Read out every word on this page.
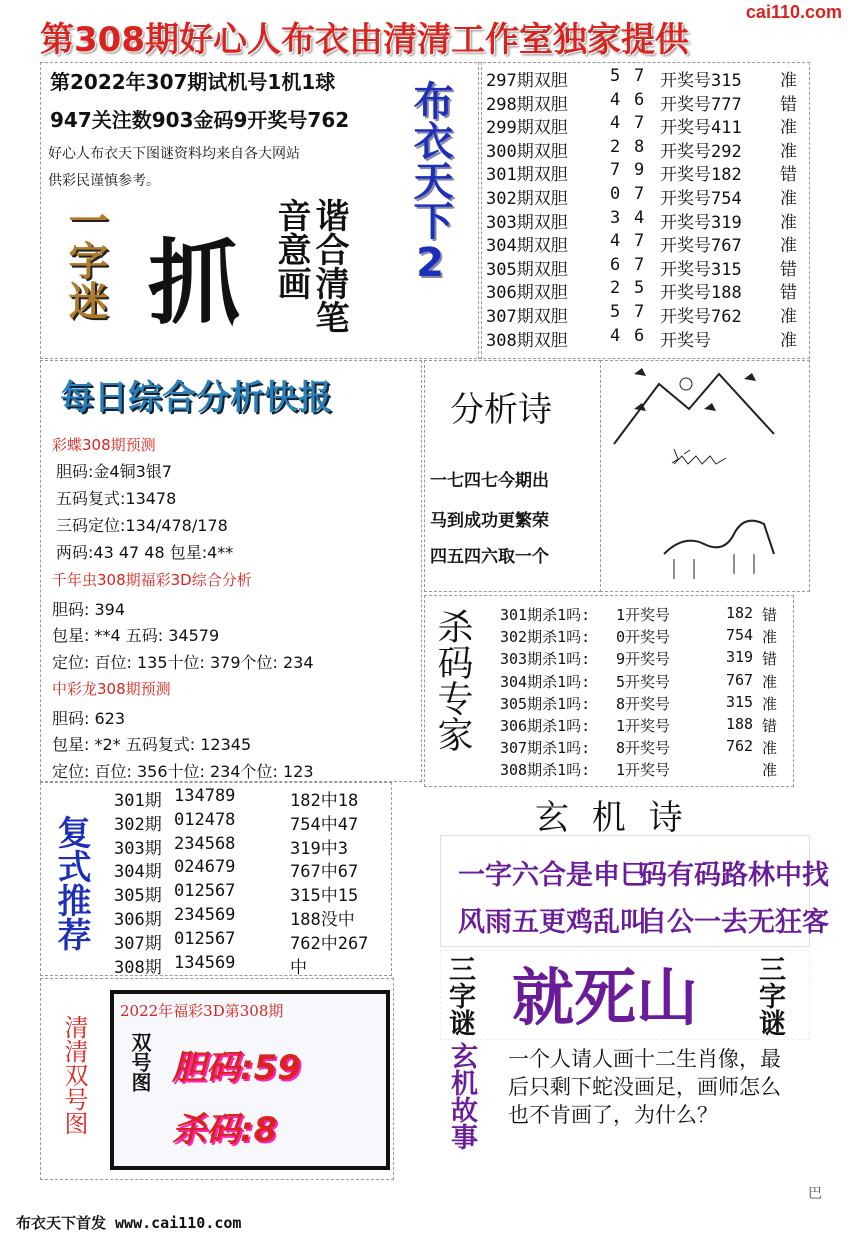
第308期好心人布衣由清清工作室独家提供
cai110.com
第2022年307期试机号1机1球
947关注数903金码9开奖号762
好心人布衣天下图谜资料均来自各大网站
供彩民谨慎参考。
一字迷 抓	谐合清笔音意画	布衣天下2 297期双胆 5 7 开奖号315 准
298期双胆 4 6 开奖号777 错
299期双胆 4 7 开奖号411 准
300期双胆 2 8 开奖号292 准
301期双胆 7 9 开奖号182 错
302期双胆 0 7 开奖号754 准
303期双胆 3 4 开奖号319 准
304期双胆 4 7 开奖号767 准
305期双胆 6 7 开奖号315 错
306期双胆 2 5 开奖号188 错
307期双胆 5 7 开奖号762 准
308期双胆 4 6 开奖号	准
每日综合分析快报
彩蝶308期预测
胆码:金4铜3银7
五码复式:13478
三码定位:134/478/178
两码:43 47 48 包星:4**
千年虫308期福彩3D综合分析
胆码: 394
包星: **4 五码: 34579
定位: 百位: 135十位: 379个位: 234
中彩龙308期预测
胆码: 623
包星: *2* 五码复式: 12345
定位: 百位: 356十位: 234个位: 123
分析诗
一七四七今期出
马到成功更繁荣
四五四六取一个
杀码专家 301期杀1吗: 1开奖号	182 错
302期杀1吗: 0开奖号	754 准
303期杀1吗: 9开奖号	319 错
304期杀1吗: 5开奖号	767 准
305期杀1吗: 8开奖号	315 准
306期杀1吗: 1开奖号	188 错
307期杀1吗: 8开奖号	762 准
308期杀1吗: 1开奖号	准
复式推荐
301期 134789	182中18
302期 012478	754中47
303期 234568	319中3
304期 024679	767中67
305期 012567	315中15
306期 234569	188没中
307期 012567	762中267
308期 134569	中
玄 机 诗
一字六合是申巳
码有码路林中找
风雨五更鸡乱叫
自公一去无狂客
清清双号图
2022年福彩3D第308期
双号图 胆码:59
杀码:8
三字谜 就死山 三字谜
玄机故事 一个人请人画十二生肖像，最后只剩下蛇没画足，画师怎么也不肯画了，为什么？
布衣天下首发 www.cai110.com
巴
